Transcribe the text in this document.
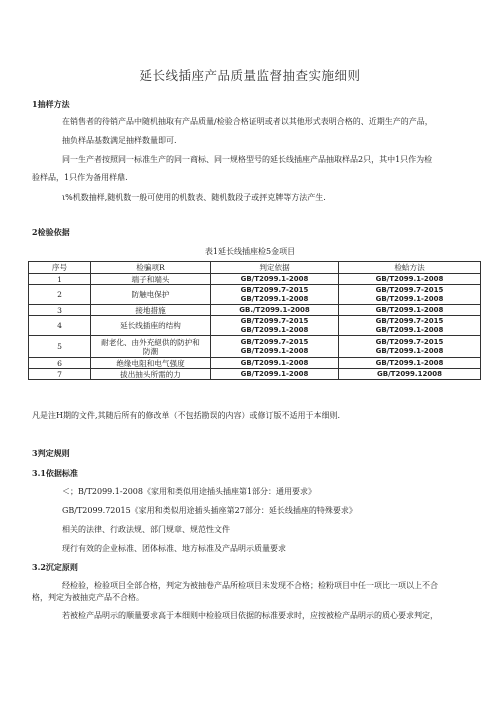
延长线插座产品质量监督抽查实施细则
1抽样方法
在销售者的待销产品中随机抽取有产品质量/检验合格证明或者以其他形式表明合格的、近期生产的产品，
抽负样品基数满足抽样数量即可.
同一生产者按照同一标准生产的同一商标、同一规格型号的延长线插座产品抽取样品2只，其中1只作为检
验样品，1只作为备用样鼎.
ι%机数抽样,随机数一般可使用的机数表、随机数段子或抨克牌等方法产生.
2检验依据
表1延长线插座检5金项目
序号	检骗项R	判定依据	检蛤方法
1	端子和端头	GB/T2099.1-2008	GB/T2099.1-2008

2	防触电保护	GB/T2099.7-2015
GB/T2099.1-2008	GB/T2099.7-2015
GB/T2099.1-2008

3	接地措施	GB./T2099.1-2008	GB/T2099.1-2008

4	延长线插座的结构	GB/T2099.7-2015
GB/T2099.1-2008	GB/T2099.7-2015
GB/T2099.1-2008

5	耐老化、由外充絕供的防护和
防潮	GB/T2099.7-2015
GB/T2099.1-2008	GB/T2099.7-2015
GB/T2099.1-2008

6	绝缘电阻和电气强度	GB/T2099.1-2008	GB/T2099.1-2008

7	拔出抽头所需的力	GB/T2099.1-2008	GB/T2099.12008
凡是注H期的文件,其随后所有的修改单（不包括勘误的内容）或修订版不适用于本细则.
3判定规则
3.1依据标准
＜；B/T2099.1-2008《家用和类似用途插头插座第1部分：通用要求》
GB/T2099.72015《家用和类似用途插头插座第27部分：延长线插座的特殊要求》
相关的法律、行政法规、部门规章、规范性文件
现行有效的企业标准、团体标准、地方标准及产品明示质量要求
3.2沉定原则
经检验，检验项目全部合格，判定为被抽卷产品所检项目未发现不合格；检粉项目中任一项比一项以上不合
格，判定为被抽克产品不合格。
若被检产品明示的顺量要求高于本细则中检验项目依据的标准要求时，应按被检产品明示的质心要求判定，
